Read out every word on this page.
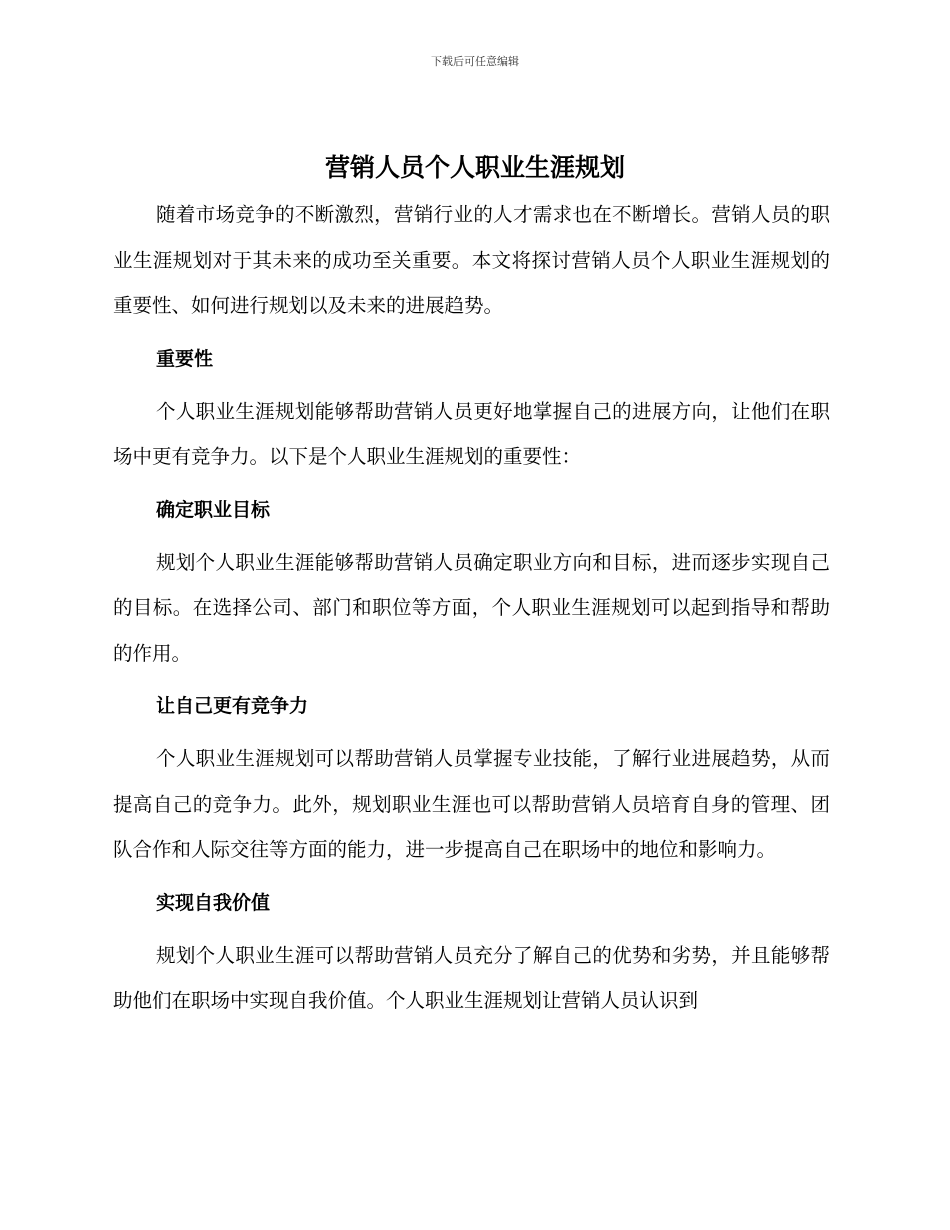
下载后可任意编辑
营销人员个人职业生涯规划

随着市场竞争的不断激烈，营销行业的人才需求也在不断增长。营销人员的职业生涯规划对于其未来的成功至关重要。本文将探讨营销人员个人职业生涯规划的重要性、如何进行规划以及未来的进展趋势。

重要性

个人职业生涯规划能够帮助营销人员更好地掌握自己的进展方向，让他们在职场中更有竞争力。以下是个人职业生涯规划的重要性：

确定职业目标

规划个人职业生涯能够帮助营销人员确定职业方向和目标，进而逐步实现自己的目标。在选择公司、部门和职位等方面，个人职业生涯规划可以起到指导和帮助的作用。

让自己更有竞争力

个人职业生涯规划可以帮助营销人员掌握专业技能，了解行业进展趋势，从而提高自己的竞争力。此外，规划职业生涯也可以帮助营销人员培育自身的管理、团队合作和人际交往等方面的能力，进一步提高自己在职场中的地位和影响力。

实现自我价值

规划个人职业生涯可以帮助营销人员充分了解自己的优势和劣势，并且能够帮助他们在职场中实现自我价值。个人职业生涯规划让营销人员认识到
